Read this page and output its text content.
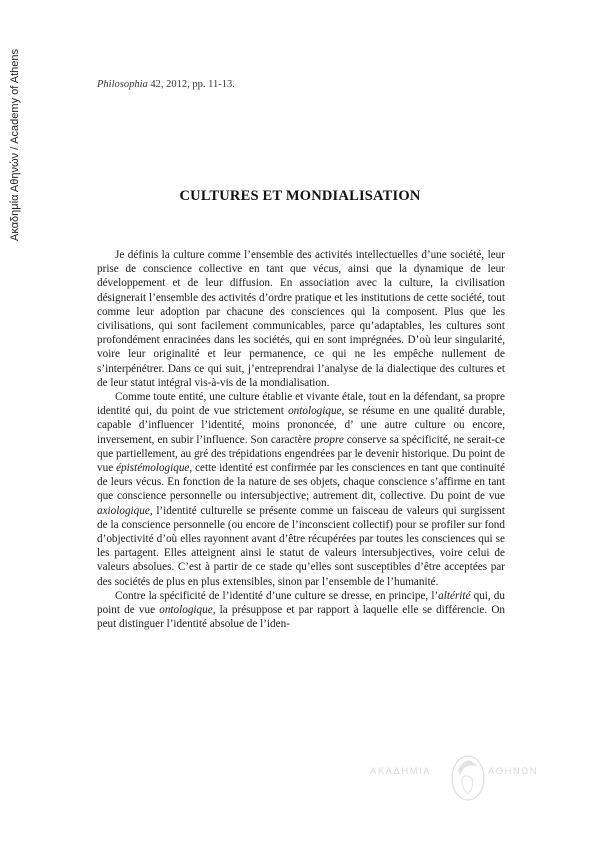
Ακαδημία Αθηνών / Academy of Athens	Philosophia 42, 2012, pp. 11-13.
CULTURES ET MONDIALISATION

Je définis la culture comme l’ensemble des activités intellectuelles d’une société, leur prise de conscience collective en tant que vécus, ainsi que la dynamique de leur développement et de leur diffusion. En association avec la culture, la civilisation désignerait l’ensemble des activités d’ordre pratique et les institutions de cette société, tout comme leur adoption par chacune des consciences qui la composent. Plus que les civilisations, qui sont facilement communicables, parce qu’adaptables, les cultures sont profondément enracinées dans les sociétés, qui en sont imprégnées. D’où leur singularité, voire leur originalité et leur permanence, ce qui ne les empêche nullement de s’interpénétrer. Dans ce qui suit, j’entreprendrai l’analyse de la dialectique des cultures et de leur statut intégral vis-à-vis de la mondialisation.

Comme toute entité, une culture établie et vivante étale, tout en la défendant, sa propre identité qui, du point de vue strictement ontologique, se résume en une qualité durable, capable d’influencer l’identité, moins prononcée, d’ une autre culture ou encore, inversement, en subir l’influence. Son caractère propre conserve sa spécificité, ne serait-ce que partiellement, au gré des trépidations engendrées par le devenir historique. Du point de vue épistémologique, cette identité est confirmée par les consciences en tant que continuité de leurs vécus. En fonction de la nature de ses objets, chaque conscience s’affirme en tant que conscience personnelle ou intersubjective; autrement dit, collective. Du point de vue axiologique, l’identité culturelle se présente comme un faisceau de valeurs qui surgissent de la conscience personnelle (ou encore de l’inconscient collectif) pour se profiler sur fond d’objectivité d’où elles rayonnent avant d’être récupérées par toutes les consciences qui se les partagent. Elles atteignent ainsi le statut de valeurs intersubjectives, voire celui de valeurs absolues. C’est à partir de ce stade qu’elles sont susceptibles d’être acceptées par des sociétés de plus en plus extensibles, sinon par l’ensemble de l’humanité.

Contre la spécificité de l’identité d’une culture se dresse, en principe, l’altérité qui, du point de vue ontologique, la présuppose et par rapport à laquelle elle se différencie. On peut distinguer l’identité absolue de l’iden-

ΑΚΑΔΗΜΙΑ	ΑΘΗΝΩΝ
